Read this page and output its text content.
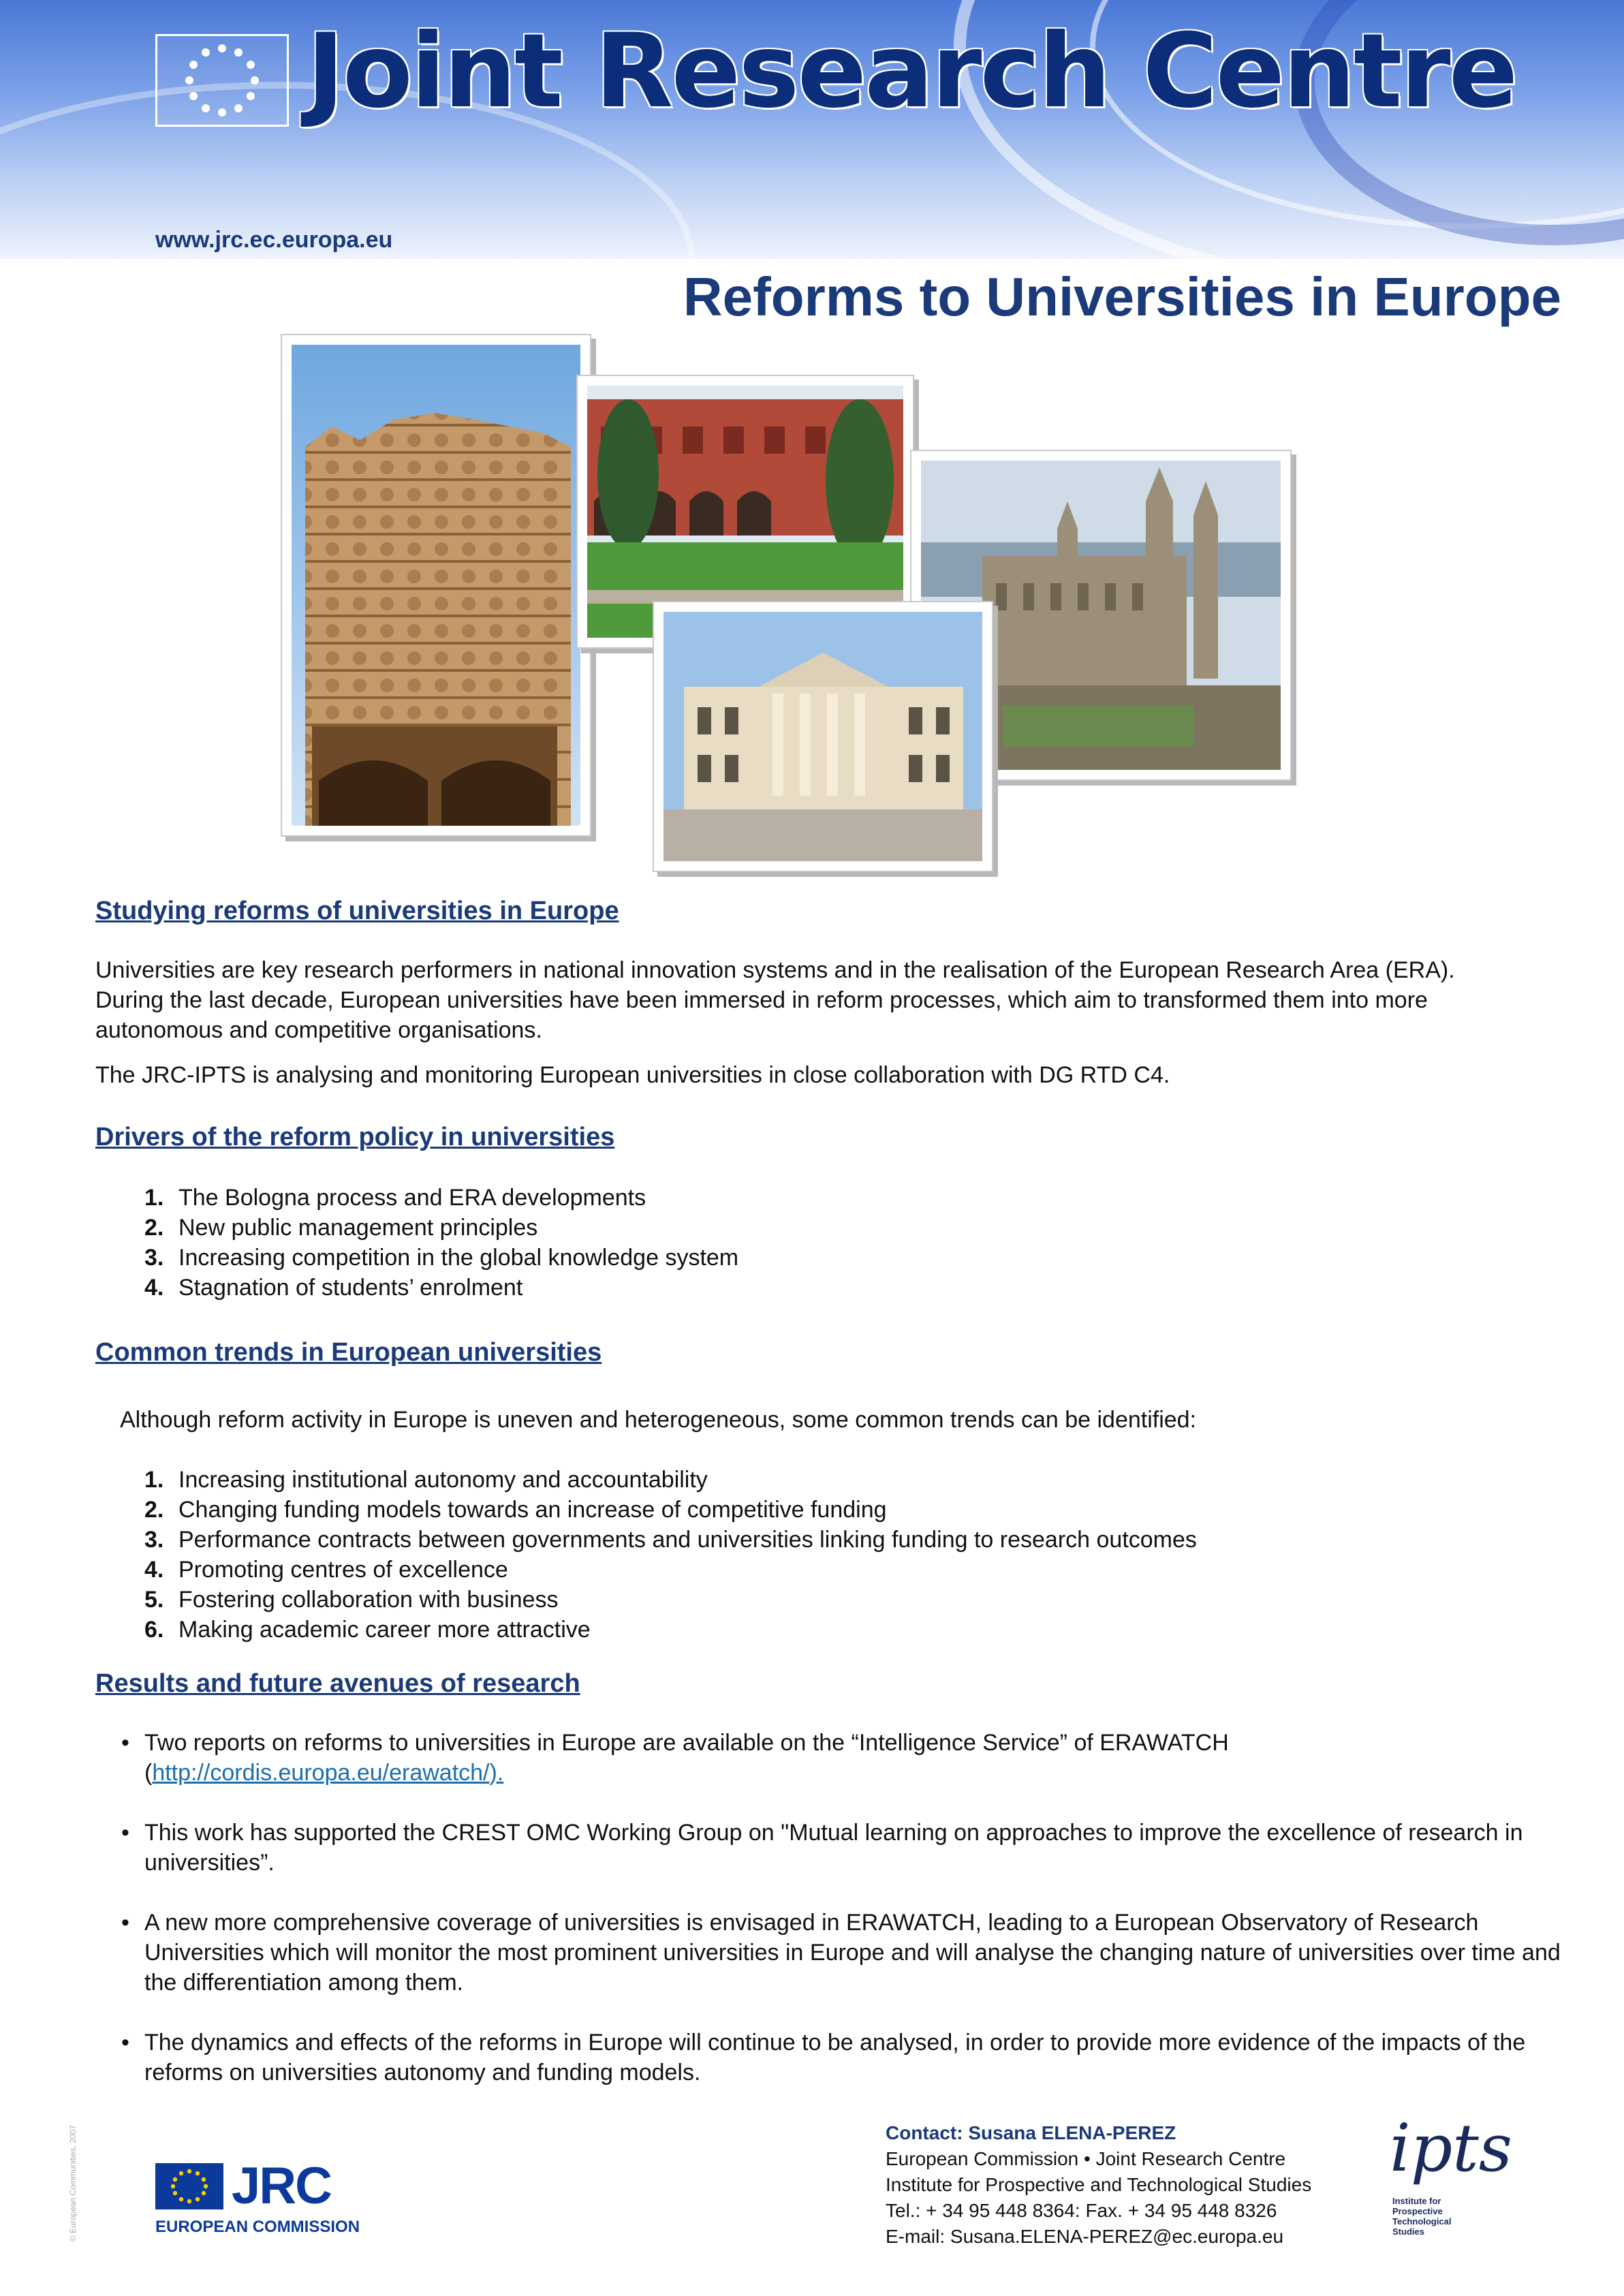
Joint Research Centre
www.jrc.ec.europa.eu
Reforms to Universities in Europe
Studying reforms of universities in Europe
Universities are key research performers in national innovation systems and in the realisation of the European Research Area (ERA). During the last decade, European universities have been immersed in reform processes, which aim to transformed them into more autonomous and competitive organisations.
The JRC-IPTS is analysing and monitoring European universities in close collaboration with DG RTD C4.
Drivers of the reform policy in universities
1. The Bologna process and ERA developments
2. New public management principles
3. Increasing competition in the global knowledge system
4. Stagnation of students’ enrolment
Common trends in European universities
Although reform activity in Europe is uneven and heterogeneous, some common trends can be identified:
1. Increasing institutional autonomy and accountability
2. Changing funding models towards an increase of competitive funding
3. Performance contracts between governments and universities linking funding to research outcomes
4. Promoting centres of excellence
5. Fostering collaboration with business
6. Making academic career more attractive
Results and future avenues of research
• Two reports on reforms to universities in Europe are available on the “Intelligence Service” of ERAWATCH
(http://cordis.europa.eu/erawatch/).
• This work has supported the CREST OMC Working Group on "Mutual learning on approaches to improve the excellence of research in universities”.
• A new more comprehensive coverage of universities is envisaged in ERAWATCH, leading to a European Observatory of Research Universities which will monitor the most prominent universities in Europe and will analyse the changing nature of universities over time and the differentiation among them.
• The dynamics and effects of the reforms in Europe will continue to be analysed, in order to provide more evidence of the impacts of the reforms on universities autonomy and funding models.
© European Communities, 2007	JRC
EUROPEAN COMMISSION
Contact: Susana ELENA-PEREZ
European Commission • Joint Research Centre
Institute for Prospective and Technological Studies
Tel.: + 34 95 448 8364: Fax. + 34 95 448 8326
E-mail: Susana.ELENA-PEREZ@ec.europa.eu
ipts
Institute for Prospective Technological Studies
